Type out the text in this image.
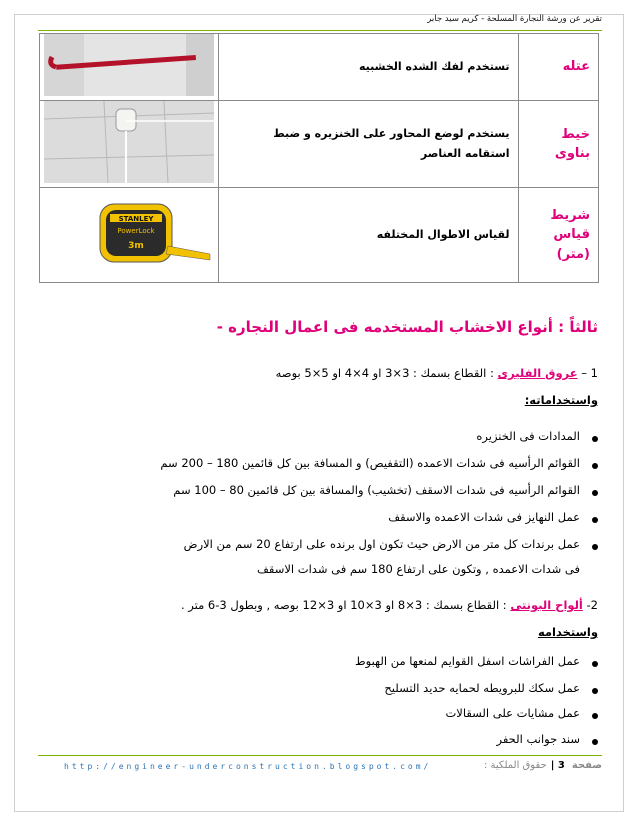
تقرير عن ورشة النجارة المسلحة - كريم سيد جابر
عتله	تستخدم لفك الشده الخشبيه	
خيط بناوى	يستخدم لوضع المحاور على الخنزيره و ضبط استقامه العناصر	
شريط قياس (متر)	لقياس الاطوال المختلفه	STANLEY
PowerLock
3m
ثالثاً : أنواع الاخشاب المستخدمه فى اعمال النجاره -
1 – عروق الفليرى : القطاع بسمك : 3×3 او 4×4 او 5×5 بوصه
واستخداماته:
المدادات فى الخنزيره
القوائم الرأسيه فى شدات الاعمده (التقفيص) و المسافة بين كل قائمين 180 – 200 سم
القوائم الرأسيه فى شدات الاسقف (تخشيب) والمسافة بين كل قائمين 80 – 100 سم
عمل النهايز فى شدات الاعمده والاسقف
عمل برندات كل متر من الارض حيث تكون اول برنده على ارتفاع 20 سم من الارض
فى شدات الاعمده , وتكون على ارتفاع 180 سم فى شدات الاسقف
2- ألواح البونتى : القطاع بسمك : 3×8 او 3×10 او 3×12 بوصه , وبطول 3-6 متر .
واستخدامه
عمل الفراشات اسفل القوايم لمنعها من الهبوط
عمل سكك للبرويطه لحمايه حديد التسليح
عمل مشايات على السقالات
سند جوانب الحفر
http://engineer-underconstruction.blogspot.com/	حقوق الملكية :	صفحة  3 |
